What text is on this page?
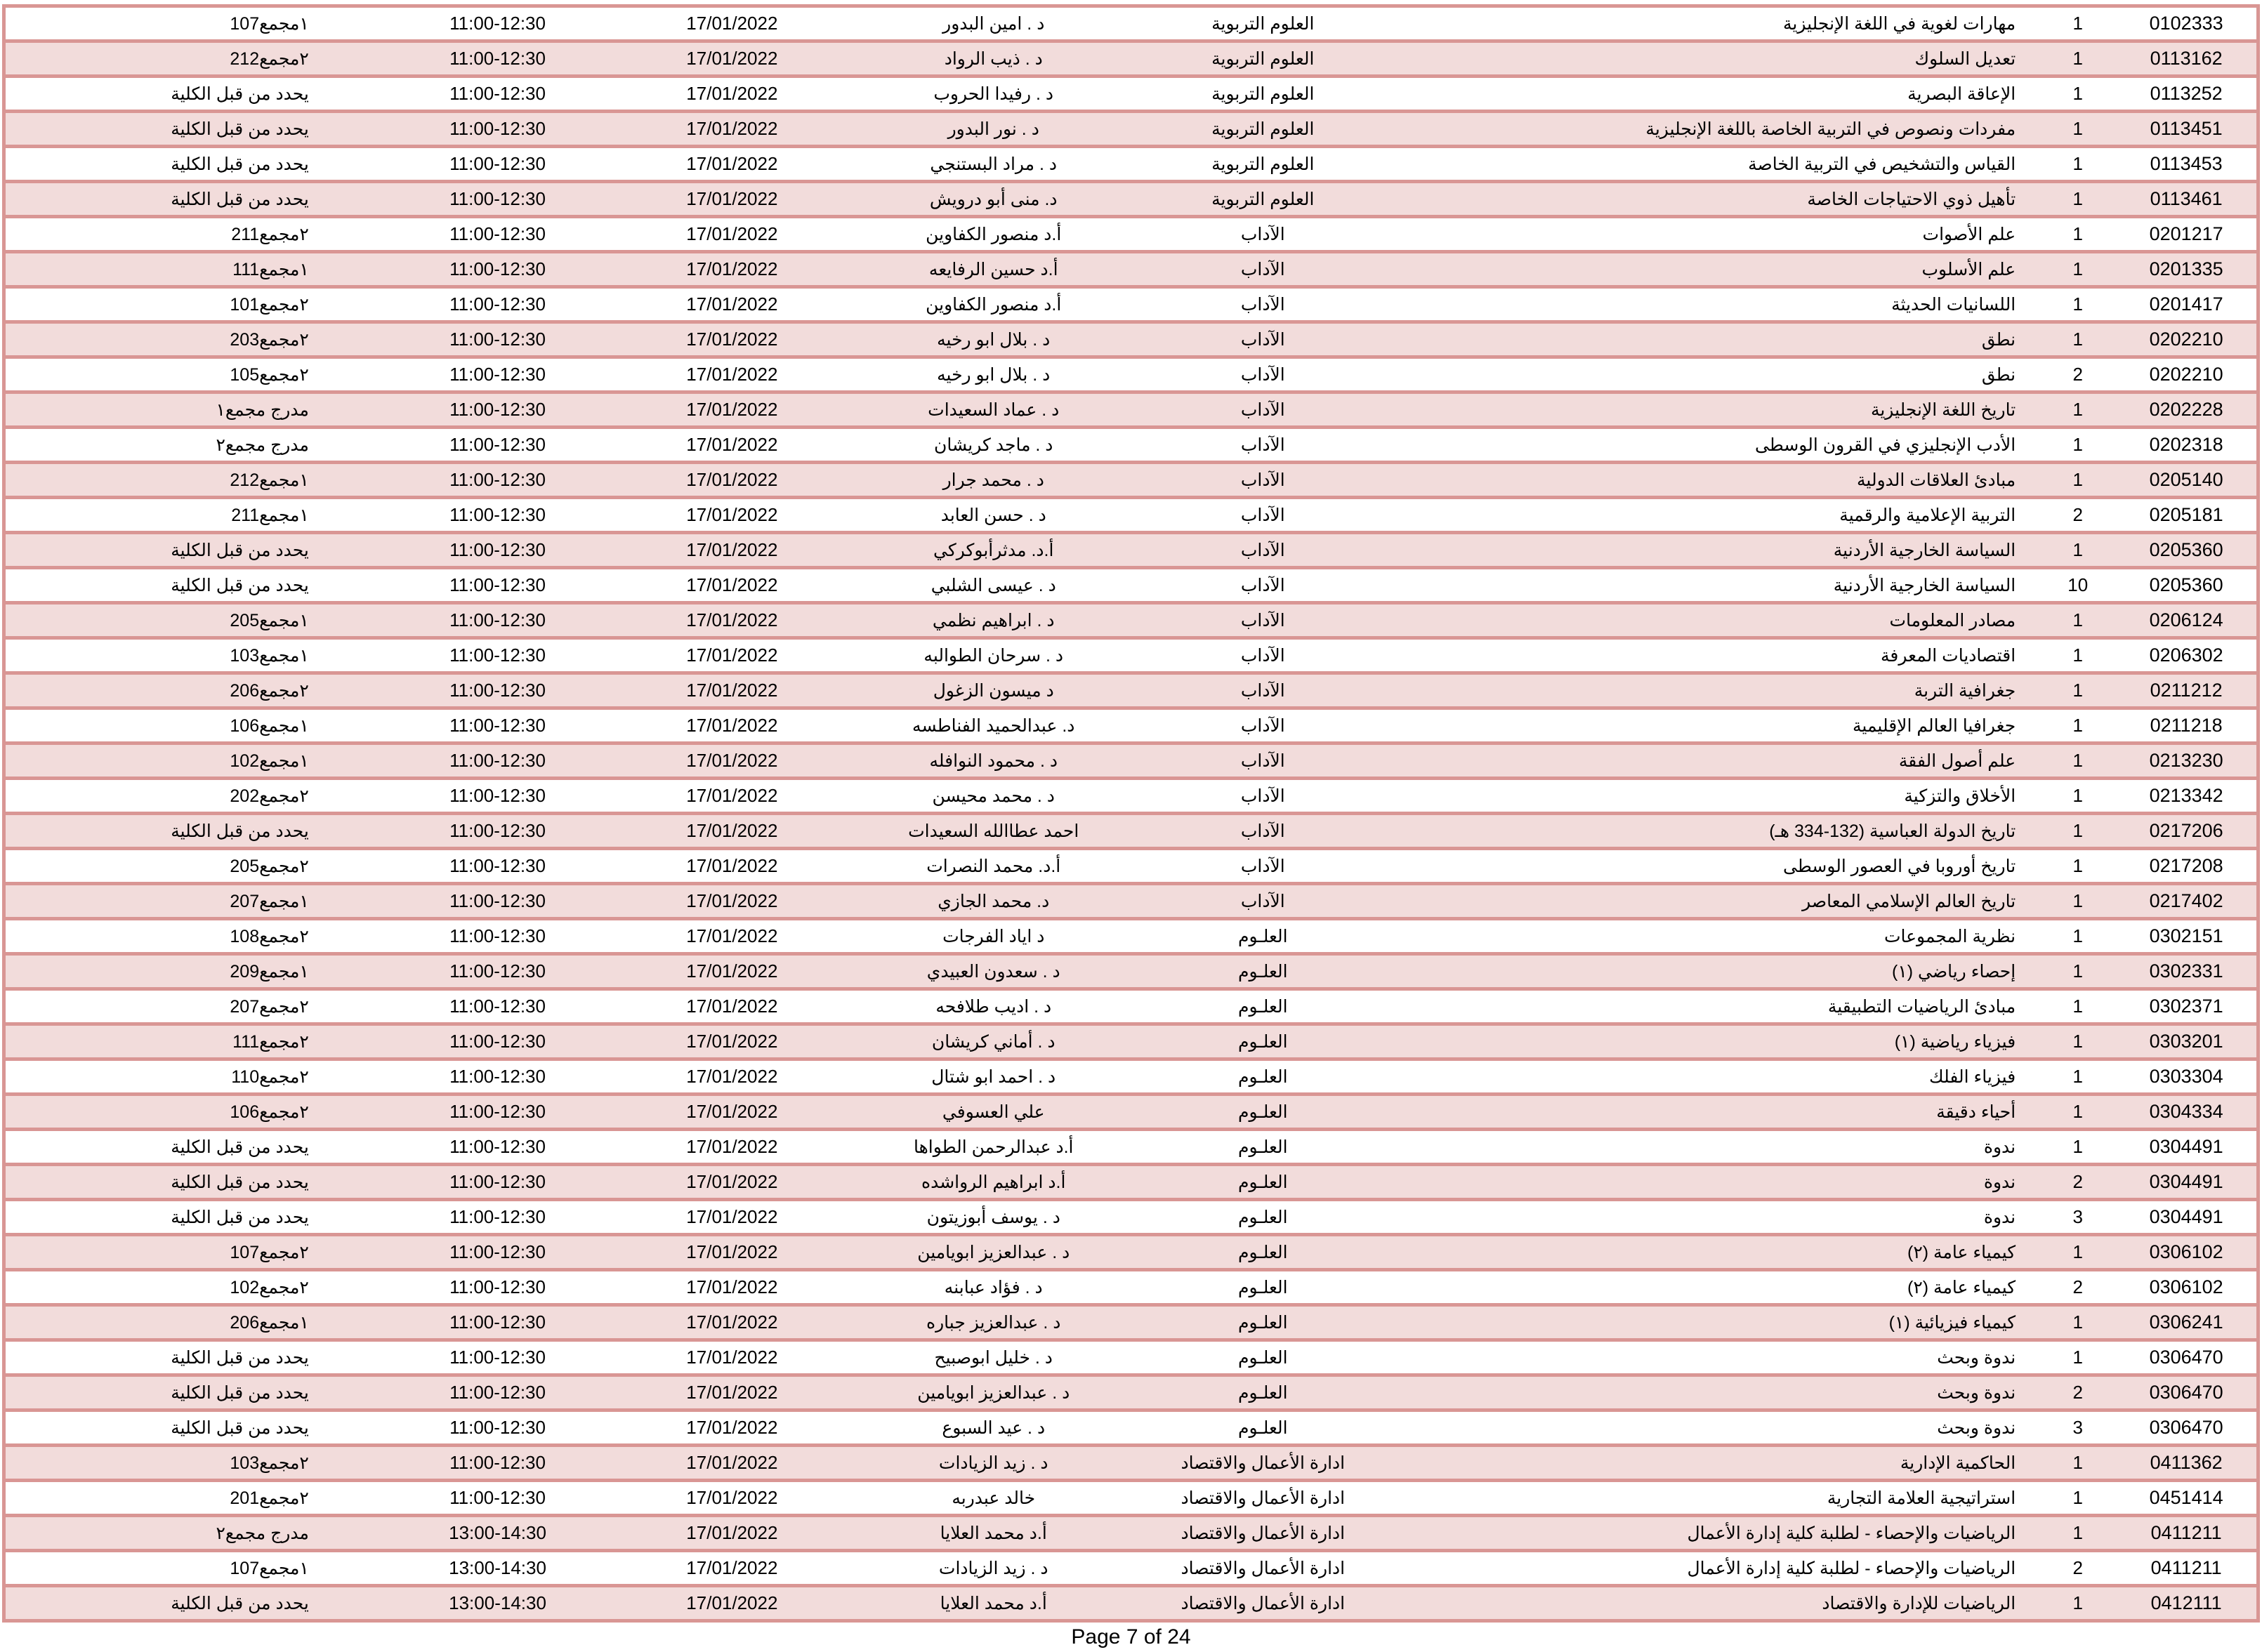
0102333	1	مهارات لغوية في اللغة الإنجليزية	العلوم التربوية	د . امين البدور	17/01/2022	11:00-12:30	107 مجمع ١

0113162	1	تعديل السلوك	العلوم التربوية	د . ذيب الرواد	17/01/2022	11:00-12:30	212 مجمع ٢

0113252	1	الإعاقة البصرية	العلوم التربوية	د . رفيدا الحروب	17/01/2022	11:00-12:30	يحدد من قبل الكلية
0113451	1	مفردات ونصوص في التربية الخاصة باللغة الإنجليزية	العلوم التربوية	د . نور البدور	17/01/2022	11:00-12:30	يحدد من قبل الكلية
0113453	1	القياس والتشخيص في التربية الخاصة	العلوم التربوية	د . مراد البستنجي	17/01/2022	11:00-12:30	يحدد من قبل الكلية
0113461	1	تأهيل ذوي الاحتياجات الخاصة	العلوم التربوية	د. منى أبو درويش	17/01/2022	11:00-12:30	يحدد من قبل الكلية
0201217	1	علم الأصوات	الآداب	أ.د منصور الكفاوين	17/01/2022	11:00-12:30	211 مجمع ٢

0201335	1	علم الأسلوب	الآداب	أ.د حسين الرفايعه	17/01/2022	11:00-12:30	111 مجمع ١

0201417	1	اللسانيات الحديثة	الآداب	أ.د منصور الكفاوين	17/01/2022	11:00-12:30	101 مجمع ٢

0202210	1	نطق	الآداب	د . بلال ابو رخيه	17/01/2022	11:00-12:30	203 مجمع ٢

0202210	2	نطق	الآداب	د . بلال ابو رخيه	17/01/2022	11:00-12:30	105 مجمع ٢

0202228	1	تاريخ اللغة الإنجليزية	الآداب	د . عماد السعيدات	17/01/2022	11:00-12:30	مدرج مجمع١
0202318	1	الأدب الإنجليزي في القرون الوسطى	الآداب	د . ماجد كريشان	17/01/2022	11:00-12:30	مدرج مجمع٢
0205140	1	مبادئ العلاقات الدولية	الآداب	د . محمد جرار	17/01/2022	11:00-12:30	212 مجمع ١

0205181	2	التربية الإعلامية والرقمية	الآداب	د . حسن العابد	17/01/2022	11:00-12:30	211 مجمع ١

0205360	1	السياسة الخارجية الأردنية	الآداب	أ.د. مدثرأبوكركي	17/01/2022	11:00-12:30	يحدد من قبل الكلية
0205360	10	السياسة الخارجية الأردنية	الآداب	د . عيسى الشلبي	17/01/2022	11:00-12:30	يحدد من قبل الكلية
0206124	1	مصادر المعلومات	الآداب	د . ابراهيم نظمي	17/01/2022	11:00-12:30	205 مجمع ١

0206302	1	اقتصاديات المعرفة	الآداب	د . سرحان الطوالبه	17/01/2022	11:00-12:30	103 مجمع ١

0211212	1	جغرافية التربة	الآداب	د ميسون الزغول	17/01/2022	11:00-12:30	206 مجمع ٢

0211218	1	جغرافيا العالم الإقليمية	الآداب	د. عبدالحميد الفناطسه	17/01/2022	11:00-12:30	106 مجمع ١

0213230	1	علم أصول الفقة	الآداب	د . محمود النوافله	17/01/2022	11:00-12:30	102 مجمع ١

0213342	1	الأخلاق والتزكية	الآداب	د . محمد محيسن	17/01/2022	11:00-12:30	202 مجمع ٢

0217206	1	تاريخ الدولة العباسية (132-334 هـ)	الآداب	احمد عطاالله السعيدات	17/01/2022	11:00-12:30	يحدد من قبل الكلية
0217208	1	تاريخ أوروبا في العصور الوسطى	الآداب	أ.د. محمد النصرات	17/01/2022	11:00-12:30	205 مجمع ٢

0217402	1	تاريخ العالم الإسلامي المعاصر	الآداب	د. محمد الجازي	17/01/2022	11:00-12:30	207 مجمع ١

0302151	1	نظرية المجموعات	العلـوم	د اياد الفرجات	17/01/2022	11:00-12:30	108 مجمع ٢

0302331	1	إحصاء رياضي (١)	العلـوم	د . سعدون العبيدي	17/01/2022	11:00-12:30	209 مجمع ١

0302371	1	مبادئ الرياضيات التطبيقية	العلـوم	د . اديب طلافحه	17/01/2022	11:00-12:30	207 مجمع ٢

0303201	1	فيزياء رياضية (١)	العلـوم	د . أماني كريشان	17/01/2022	11:00-12:30	111 مجمع ٢

0303304	1	فيزياء الفلك	العلـوم	د . احمد ابو شتال	17/01/2022	11:00-12:30	110 مجمع ٢

0304334	1	أحياء دقيقة	العلـوم	علي العسوفي	17/01/2022	11:00-12:30	106 مجمع ٢

0304491	1	ندوة	العلـوم	أ.د عبدالرحمن الطواها	17/01/2022	11:00-12:30	يحدد من قبل الكلية
0304491	2	ندوة	العلـوم	أ.د ابراهيم الرواشده	17/01/2022	11:00-12:30	يحدد من قبل الكلية
0304491	3	ندوة	العلـوم	د . يوسف أبوزيتون	17/01/2022	11:00-12:30	يحدد من قبل الكلية
0306102	1	كيمياء عامة (٢)	العلـوم	د . عبدالعزيز ابويامين	17/01/2022	11:00-12:30	107 مجمع ٢

0306102	2	كيمياء عامة (٢)	العلـوم	د . فؤاد عبابنه	17/01/2022	11:00-12:30	102 مجمع ٢

0306241	1	كيمياء فيزيائية (١)	العلـوم	د . عبدالعزيز جباره	17/01/2022	11:00-12:30	206 مجمع ١

0306470	1	ندوة وبحث	العلـوم	د . خليل ابوصبيح	17/01/2022	11:00-12:30	يحدد من قبل الكلية
0306470	2	ندوة وبحث	العلـوم	د . عبدالعزيز ابويامين	17/01/2022	11:00-12:30	يحدد من قبل الكلية
0306470	3	ندوة وبحث	العلـوم	د . عيد السبوع	17/01/2022	11:00-12:30	يحدد من قبل الكلية
0411362	1	الحاكمية الإدارية	ادارة الأعمال والاقتصاد	د . زيد الزيادات	17/01/2022	11:00-12:30	103 مجمع ٢

0451414	1	استراتيجية العلامة التجارية	ادارة الأعمال والاقتصاد	خالد عبدربه	17/01/2022	11:00-12:30	201 مجمع ٢

0411211	1	الرياضيات والإحصاء - لطلبة كلية إدارة الأعمال	ادارة الأعمال والاقتصاد	أ.د محمد العلايا	17/01/2022	13:00-14:30	مدرج مجمع٢
0411211	2	الرياضيات والإحصاء - لطلبة كلية إدارة الأعمال	ادارة الأعمال والاقتصاد	د . زيد الزيادات	17/01/2022	13:00-14:30	107 مجمع ١

0412111	1	الرياضيات للإدارة والاقتصاد	ادارة الأعمال والاقتصاد	أ.د محمد العلايا	17/01/2022	13:00-14:30	يحدد من قبل الكلية
Page 7 of 24
